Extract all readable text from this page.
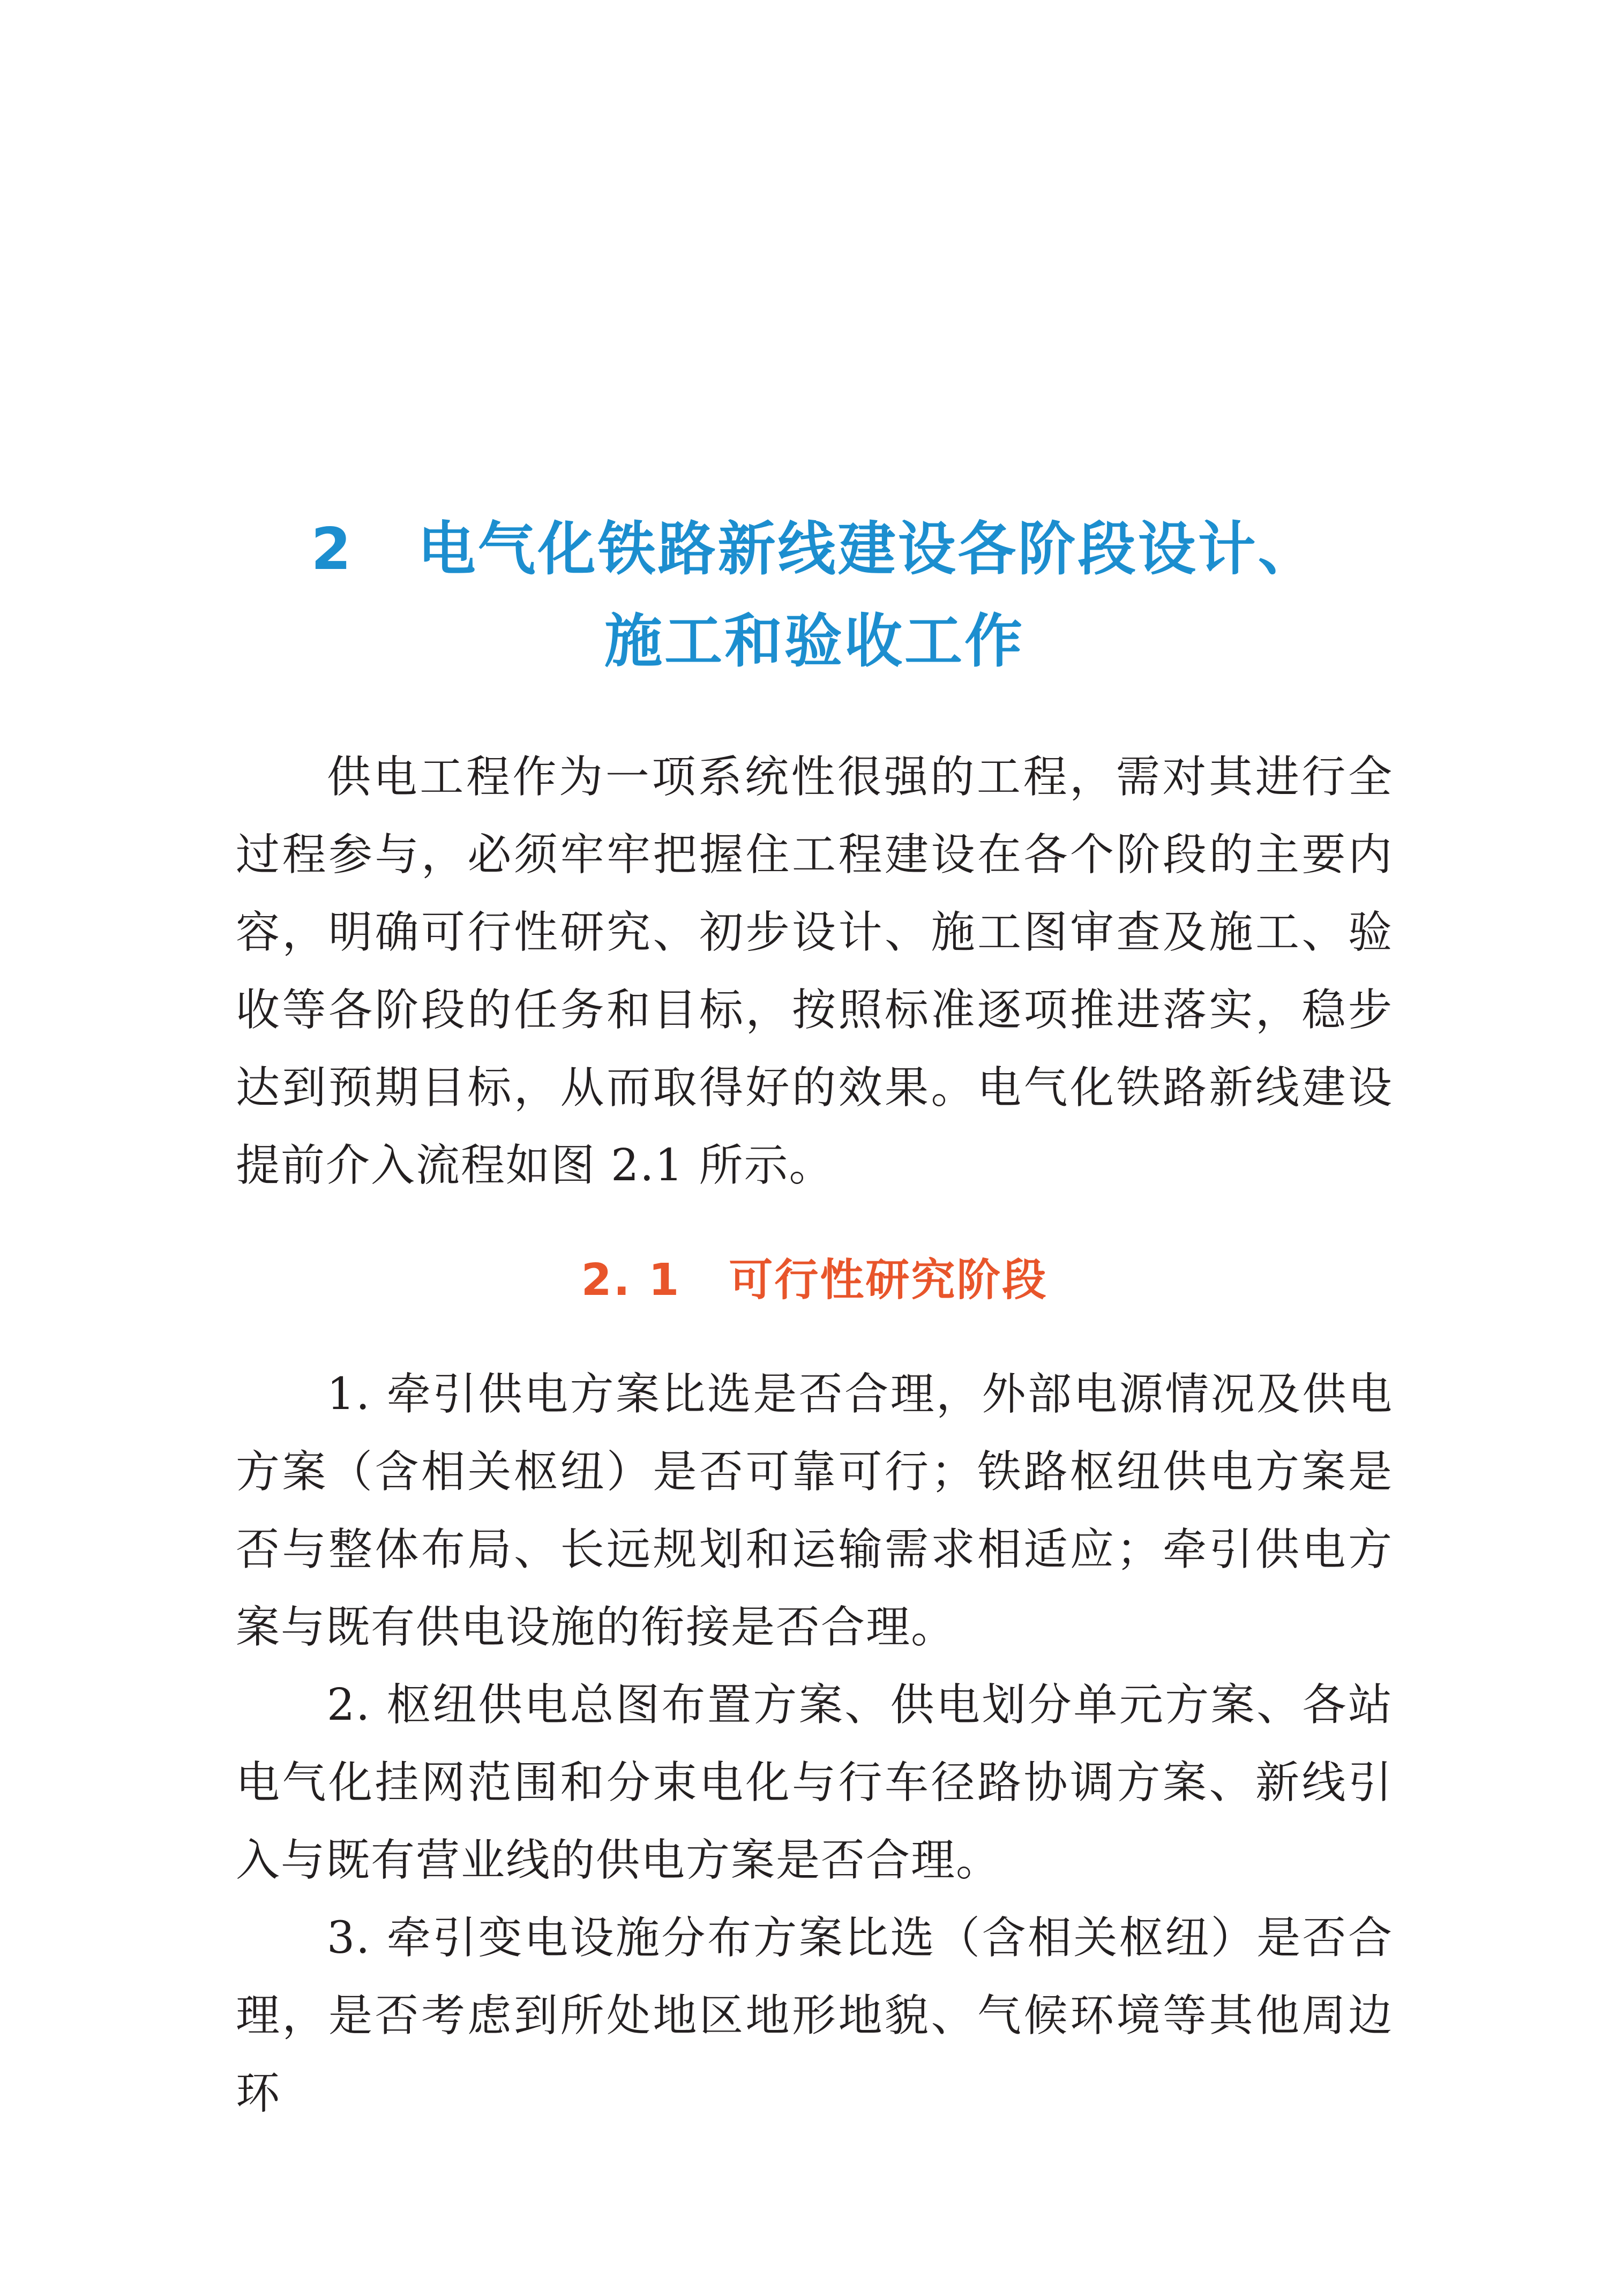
2 电气化铁路新线建设各阶段设计、
施工和验收工作

供电工程作为一项系统性很强的工程，需对其进行全过程参与，必须牢牢把握住工程建设在各个阶段的主要内容，明确可行性研究、初步设计、施工图审查及施工、验收等各阶段的任务和目标，按照标准逐项推进落实，稳步达到预期目标，从而取得好的效果。电气化铁路新线建设提前介入流程如图 2.1 所示。

2. 1 可行性研究阶段

1. 牵引供电方案比选是否合理，外部电源情况及供电方案（含相关枢纽）是否可靠可行；铁路枢纽供电方案是否与整体布局、长远规划和运输需求相适应；牵引供电方案与既有供电设施的衔接是否合理。

2. 枢纽供电总图布置方案、供电划分单元方案、各站电气化挂网范围和分束电化与行车径路协调方案、新线引入与既有营业线的供电方案是否合理。

3. 牵引变电设施分布方案比选（含相关枢纽）是否合理，是否考虑到所处地区地形地貌、气候环境等其他周边环
